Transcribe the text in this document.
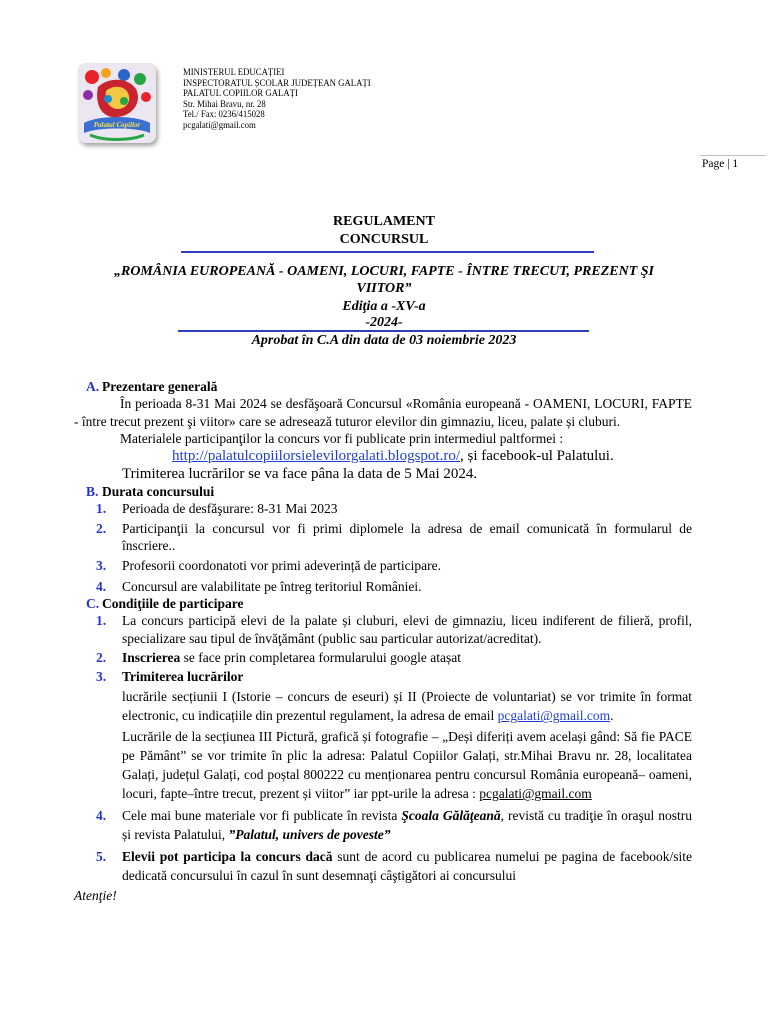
Palatul Copiilor
MINISTERUL EDUCAȚIEI
INSPECTORATUL ȘCOLAR JUDEȚEAN GALAȚI
PALATUL COPIILOR GALAȚI
Str. Mihai Bravu, nr. 28
Tel./ Fax: 0236/415028
pcgalati@gmail.com
Page | 1
REGULAMENT
CONCURSUL
„ROMÂNIA EUROPEANĂ - OAMENI, LOCURI, FAPTE - ÎNTRE TRECUT, PREZENT ŞI
VIITOR”
Ediţia a -XV-a
-2024-
Aprobat în C.A din data de 03 noiembrie 2023
A. Prezentare generală
În perioada 8-31 Mai 2024 se desfăşoară Concursul «România europeană - OAMENI, LOCURI, FAPTE - între trecut prezent şi viitor» care se adresează tuturor elevilor din gimnaziu, liceu, palate și cluburi.
Materialele participanţilor la concurs vor fi publicate prin intermediul paltformei :
http://palatulcopiilorsielevilorgalati.blogspot.ro/, și facebook-ul Palatului.
Trimiterea lucrărilor se va face pâna la data de 5 Mai 2024.
B. Durata concursului
1. Perioada de desfăşurare: 8-31 Mai 2023
2. Participanţii la concursul vor fi primi diplomele la adresa de email comunicată în formularul de înscriere..
3. Profesorii coordonatoti vor primi adeverință de participare.
4. Concursul are valabilitate pe întreg teritoriul României.
C. Condiţiile de participare
1. La concurs participă elevi de la palate și cluburi, elevi de gimnaziu, liceu indiferent de filieră, profil, specializare sau tipul de învăţământ (public sau particular autorizat/acreditat).
2. Inscrierea se face prin completarea formularului google atașat
3. Trimiterea lucrărilor
lucrările secțiunii I (Istorie – concurs de eseuri) și II (Proiecte de voluntariat) se vor trimite în format electronic, cu indicațiile din prezentul regulament, la adresa de email pcgalati@gmail.com.
Lucrările de la secțiunea III Pictură, grafică și fotografie – „Deși diferiți avem același gând: Să fie PACE pe Pământ” se vor trimite în plic la adresa: Palatul Copiilor Galați, str.Mihai Bravu nr. 28, localitatea Galați, județul Galați, cod poștal 800222 cu menționarea pentru concursul România europeană– oameni, locuri, fapte–între trecut, prezent și viitor” iar ppt-urile la adresa : pcgalati@gmail.com
4. Cele mai bune materiale vor fi publicate în revista Şcoala Gălăţeană, revistă cu tradiţie în oraşul nostru și revista Palatului, ”Palatul, univers de poveste”
5. Elevii pot participa la concurs dacă sunt de acord cu publicarea numelui pe pagina de facebook/site dedicată concursului în cazul în sunt desemnaţi câştigători ai concursului
Atenţie!
